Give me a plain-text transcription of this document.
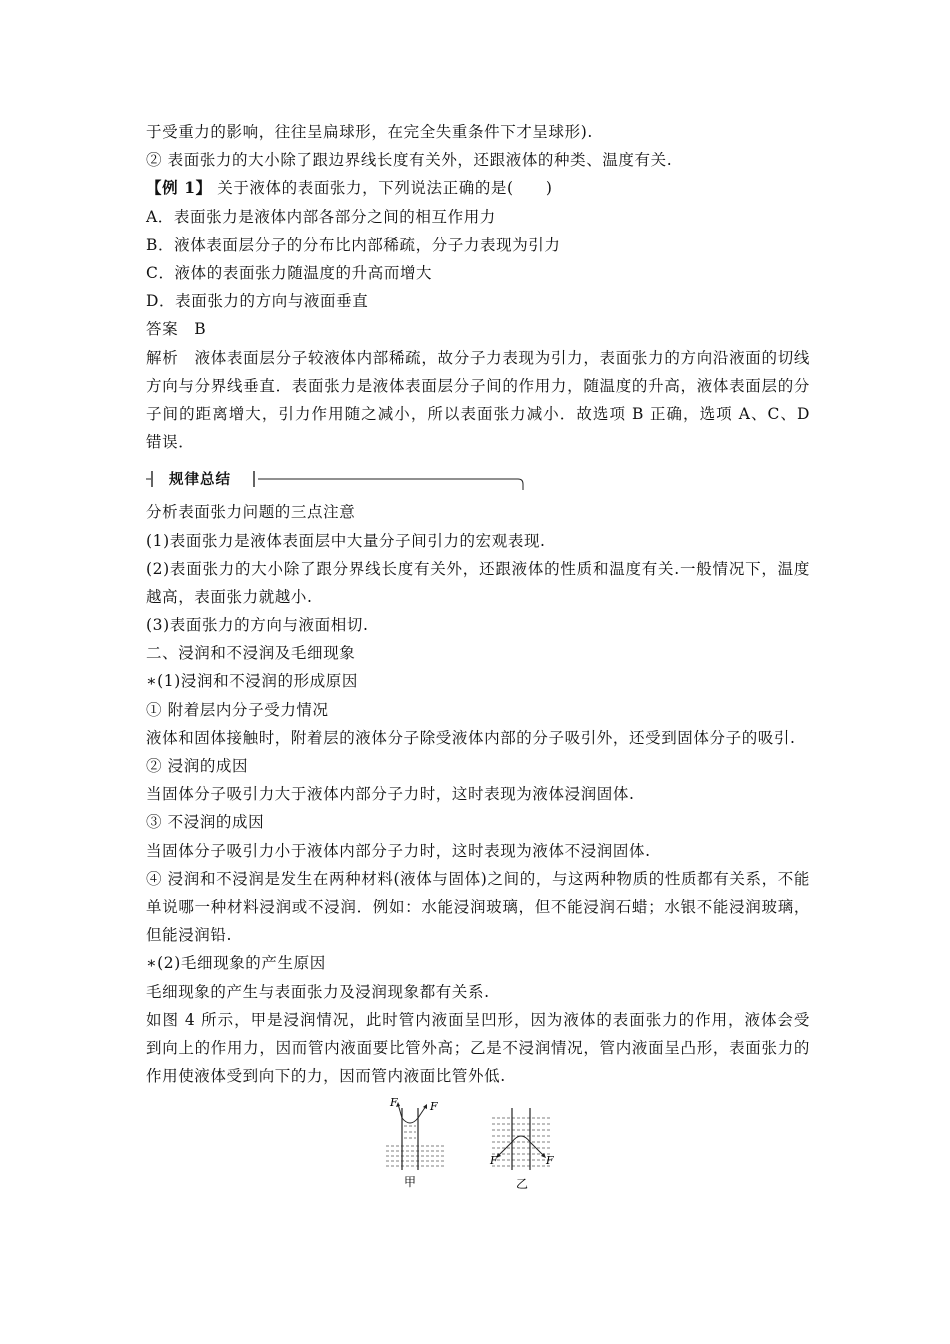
于受重力的影响，往往呈扁球形，在完全失重条件下才呈球形).
② 表面张力的大小除了跟边界线长度有关外，还跟液体的种类、温度有关.
【例 1】 关于液体的表面张力，下列说法正确的是(　　)
A．表面张力是液体内部各部分之间的相互作用力
B．液体表面层分子的分布比内部稀疏，分子力表现为引力
C．液体的表面张力随温度的升高而增大
D．表面张力的方向与液面垂直
答案　B
解析　液体表面层分子较液体内部稀疏，故分子力表现为引力，表面张力的方向沿液面的切线方向与分界线垂直．表面张力是液体表面层分子间的作用力，随温度的升高，液体表面层的分子间的距离增大，引力作用随之减小，所以表面张力减小．故选项 B 正确，选项 A、C、D 错误．
规律总结
分析表面张力问题的三点注意
(1)表面张力是液体表面层中大量分子间引力的宏观表现.
(2)表面张力的大小除了跟分界线长度有关外，还跟液体的性质和温度有关.一般情况下，温度越高，表面张力就越小.
(3)表面张力的方向与液面相切.
二、浸润和不浸润及毛细现象
∗(1)浸润和不浸润的形成原因
① 附着层内分子受力情况
液体和固体接触时，附着层的液体分子除受液体内部的分子吸引外，还受到固体分子的吸引.
② 浸润的成因
当固体分子吸引力大于液体内部分子力时，这时表现为液体浸润固体.
③ 不浸润的成因
当固体分子吸引力小于液体内部分子力时，这时表现为液体不浸润固体.
④ 浸润和不浸润是发生在两种材料(液体与固体)之间的，与这两种物质的性质都有关系，不能单说哪一种材料浸润或不浸润．例如：水能浸润玻璃，但不能浸润石蜡；水银不能浸润玻璃，但能浸润铅.
∗(2)毛细现象的产生原因
毛细现象的产生与表面张力及浸润现象都有关系.
如图 4 所示，甲是浸润情况，此时管内液面呈凹形，因为液体的表面张力的作用，液体会受到向上的作用力，因而管内液面要比管外高；乙是不浸润情况，管内液面呈凸形，表面张力的作用使液体受到向下的力，因而管内液面比管外低.
F	F
甲
F	F
乙
